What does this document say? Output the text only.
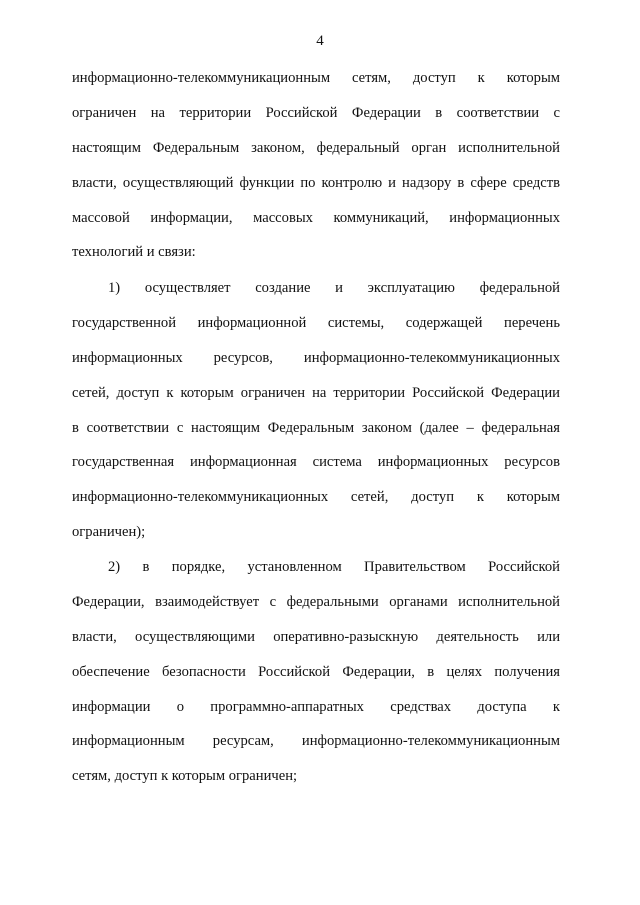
4
информационно-телекоммуникационным сетям, доступ к которым
ограничен на территории Российской Федерации в соответствии с
настоящим Федеральным законом, федеральный орган исполнительной
власти, осуществляющий функции по контролю и надзору в сфере средств
массовой информации, массовых коммуникаций, информационных
технологий и связи:
1) осуществляет создание и эксплуатацию федеральной
государственной информационной системы, содержащей перечень
информационных ресурсов, информационно-телекоммуникационных
сетей, доступ к которым ограничен на территории Российской Федерации
в соответствии с настоящим Федеральным законом (далее – федеральная
государственная информационная система информационных ресурсов
информационно-телекоммуникационных сетей, доступ к которым
ограничен);
2) в порядке, установленном Правительством Российской
Федерации, взаимодействует с федеральными органами исполнительной
власти, осуществляющими оперативно-разыскную деятельность или
обеспечение безопасности Российской Федерации, в целях получения
информации о программно-аппаратных средствах доступа к
информационным ресурсам, информационно-телекоммуникационным
сетям, доступ к которым ограничен;
